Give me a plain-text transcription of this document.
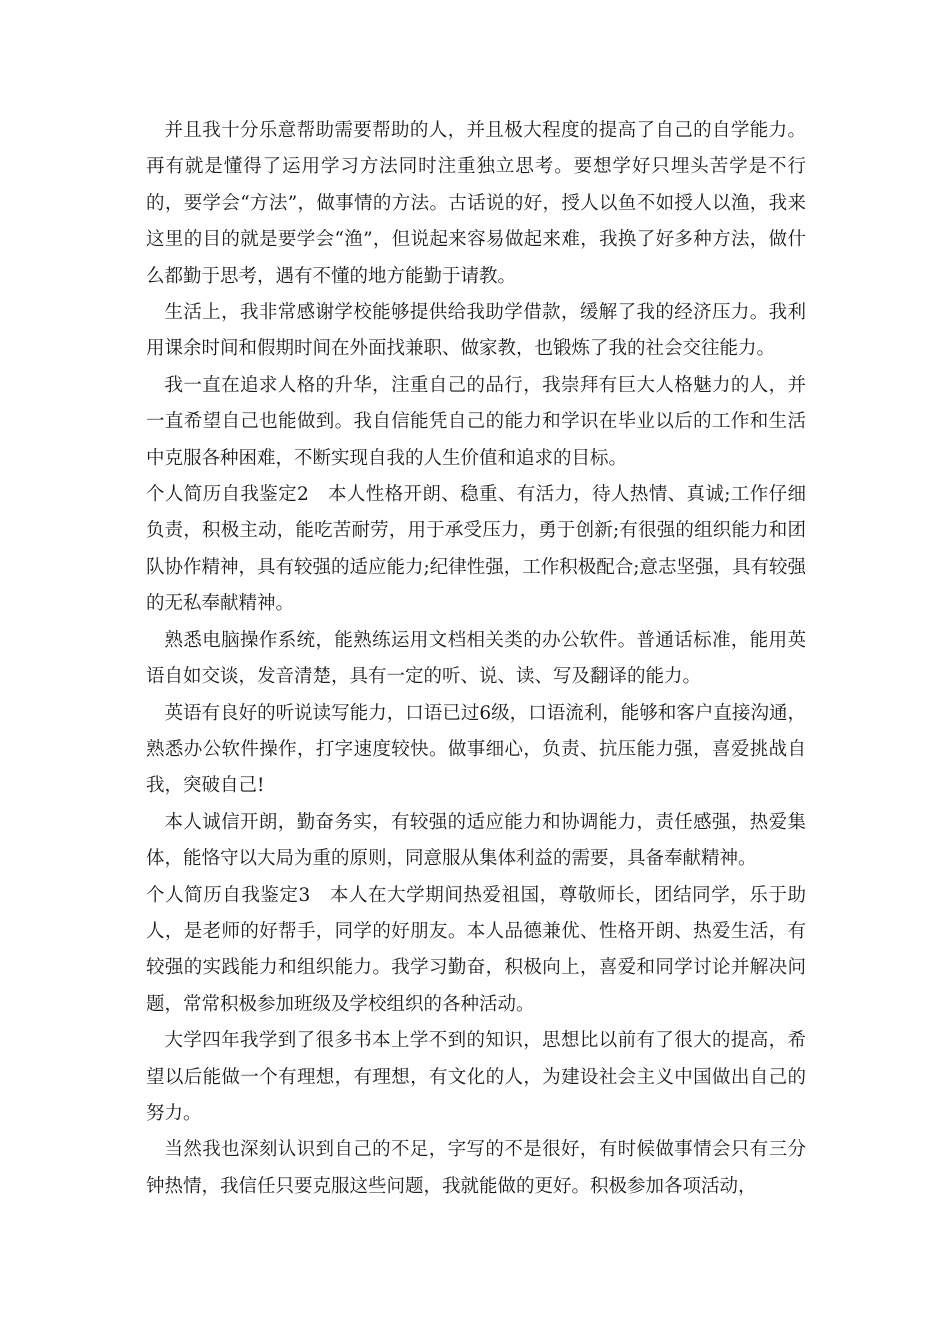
并且我十分乐意帮助需要帮助的人，并且极大程度的提高了自己的自学能力。再有就是懂得了运用学习方法同时注重独立思考。要想学好只埋头苦学是不行的，要学会“方法”，做事情的方法。古话说的好，授人以鱼不如授人以渔，我来这里的目的就是要学会“渔”，但说起来容易做起来难，我换了好多种方法，做什么都勤于思考，遇有不懂的地方能勤于请教。

生活上，我非常感谢学校能够提供给我助学借款，缓解了我的经济压力。我利用课余时间和假期时间在外面找兼职、做家教，也锻炼了我的社会交往能力。

我一直在追求人格的升华，注重自己的品行，我崇拜有巨大人格魅力的人，并一直希望自己也能做到。我自信能凭自己的能力和学识在毕业以后的工作和生活中克服各种困难，不断实现自我的人生价值和追求的目标。

个人简历自我鉴定2　本人性格开朗、稳重、有活力，待人热情、真诚;工作仔细负责，积极主动，能吃苦耐劳，用于承受压力，勇于创新;有很强的组织能力和团队协作精神，具有较强的适应能力;纪律性强，工作积极配合;意志坚强，具有较强的无私奉献精神。

熟悉电脑操作系统，能熟练运用文档相关类的办公软件。普通话标准，能用英语自如交谈，发音清楚，具有一定的听、说、读、写及翻译的能力。

英语有良好的听说读写能力，口语已过6级，口语流利，能够和客户直接沟通，熟悉办公软件操作，打字速度较快。做事细心，负责、抗压能力强，喜爱挑战自我，突破自己!

本人诚信开朗，勤奋务实，有较强的适应能力和协调能力，责任感强，热爱集体，能恪守以大局为重的原则，同意服从集体利益的需要，具备奉献精神。

个人简历自我鉴定3　本人在大学期间热爱祖国，尊敬师长，团结同学，乐于助人，是老师的好帮手，同学的好朋友。本人品德兼优、性格开朗、热爱生活，有较强的实践能力和组织能力。我学习勤奋，积极向上，喜爱和同学讨论并解决问题，常常积极参加班级及学校组织的各种活动。

大学四年我学到了很多书本上学不到的知识，思想比以前有了很大的提高，希望以后能做一个有理想，有理想，有文化的人，为建设社会主义中国做出自己的努力。

当然我也深刻认识到自己的不足，字写的不是很好，有时候做事情会只有三分钟热情，我信任只要克服这些问题，我就能做的更好。积极参加各项活动，
